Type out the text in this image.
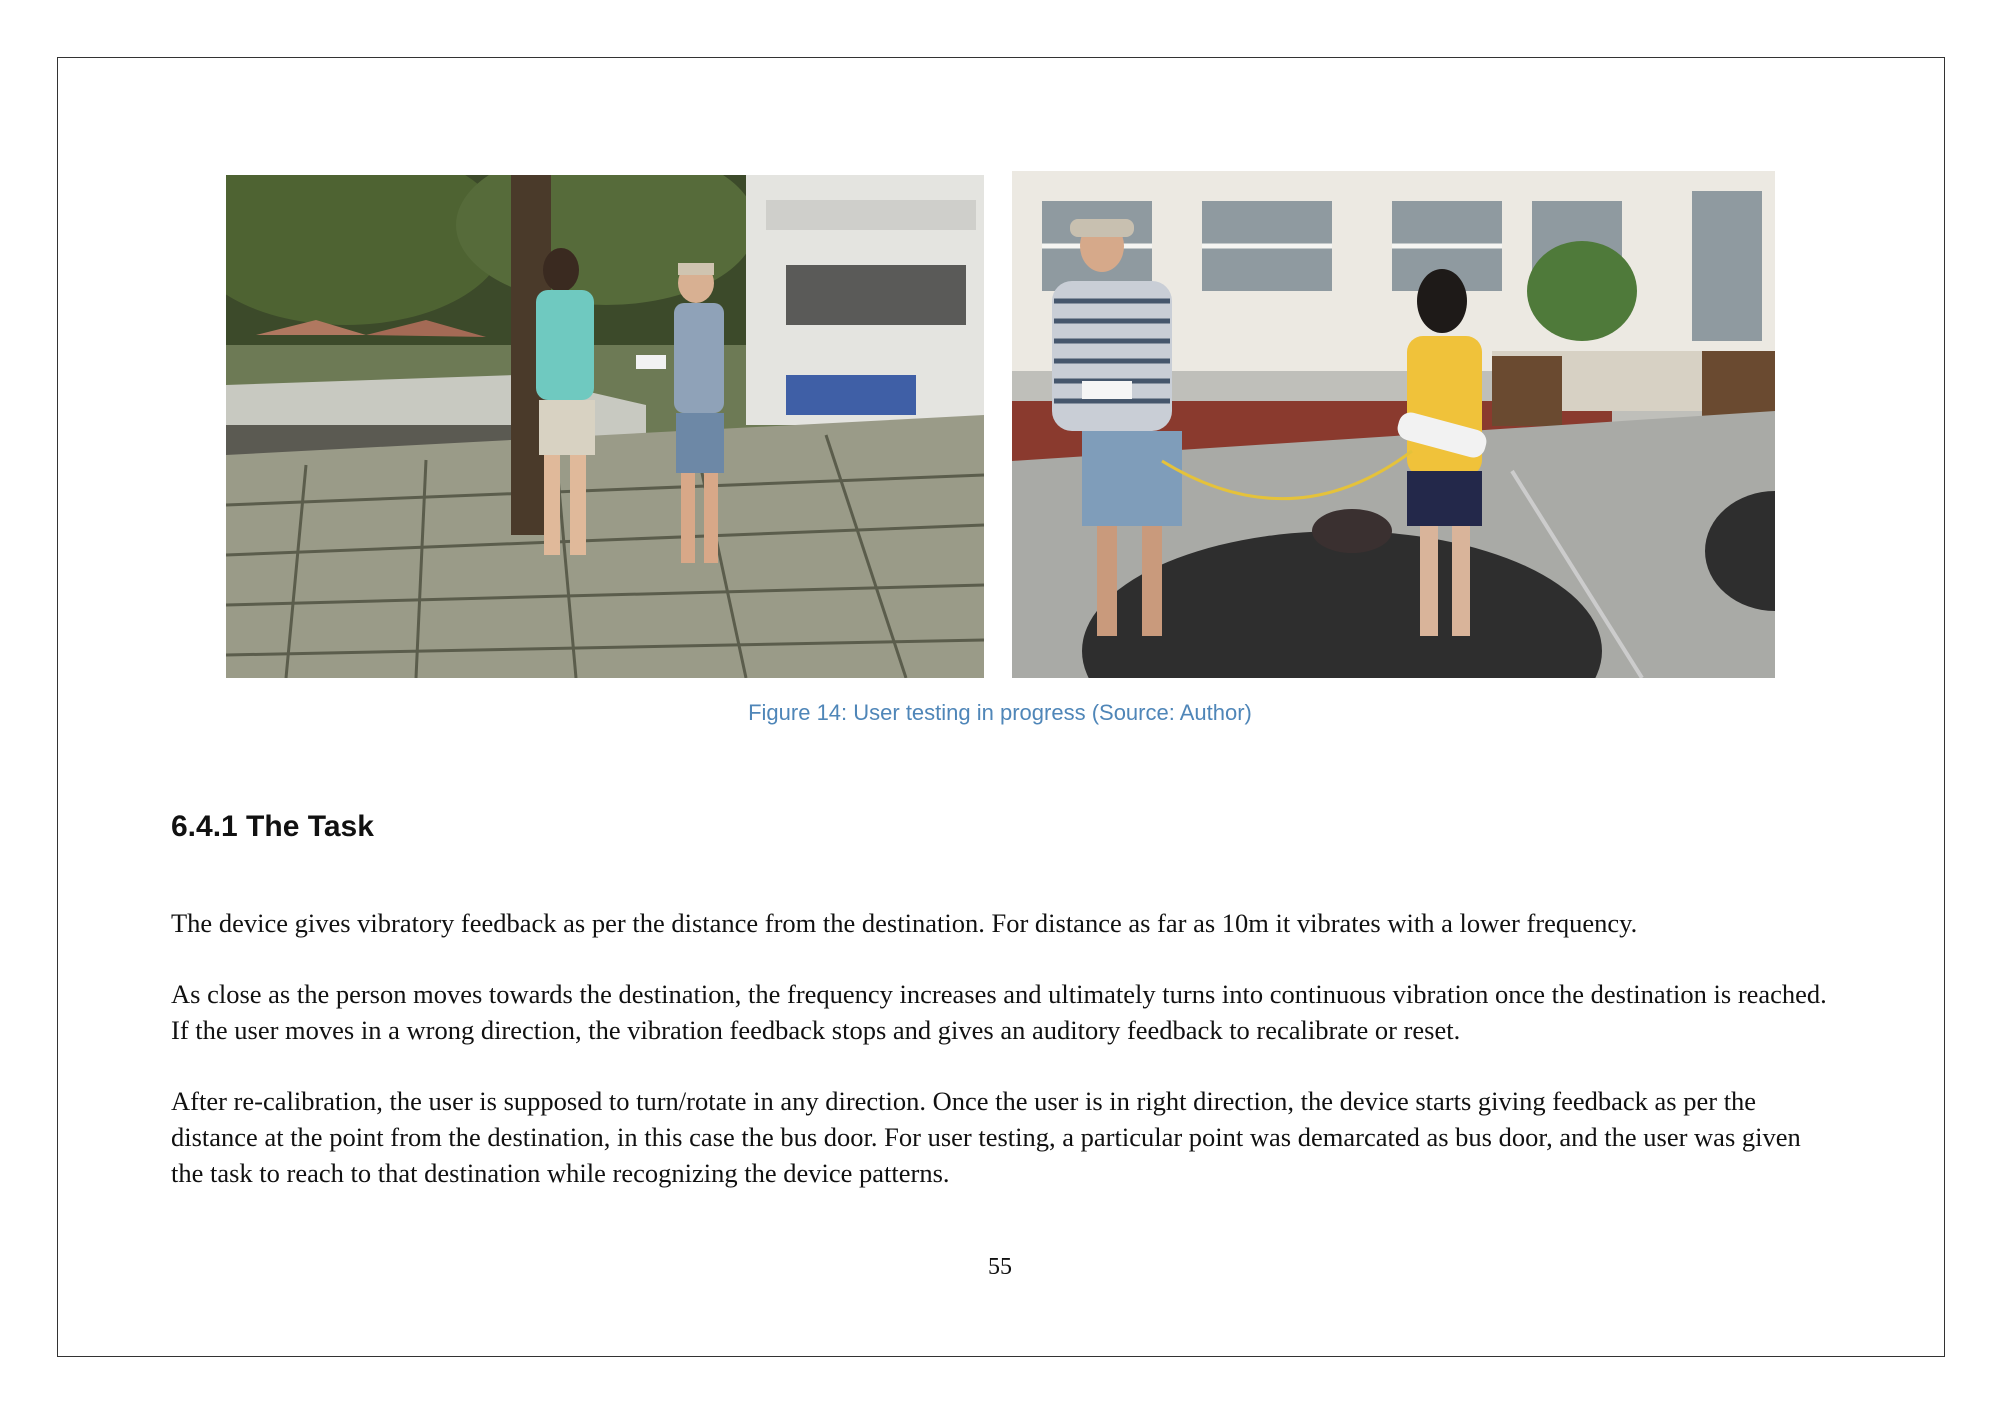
Figure 14: User testing in progress (Source: Author)
6.4.1 The Task

The device gives vibratory feedback as per the distance from the destination. For distance as far as 10m it vibrates with a lower frequency.

As close as the person moves towards the destination, the frequency increases and ultimately turns into continuous vibration once the destination is reached. If the user moves in a wrong direction, the vibration feedback stops and gives an auditory feedback to recalibrate or reset.

After re-calibration, the user is supposed to turn/rotate in any direction. Once the user is in right direction, the device starts giving feedback as per the distance at the point from the destination, in this case the bus door. For user testing, a particular point was demarcated as bus door, and the user was given the task to reach to that destination while recognizing the device patterns.

55
